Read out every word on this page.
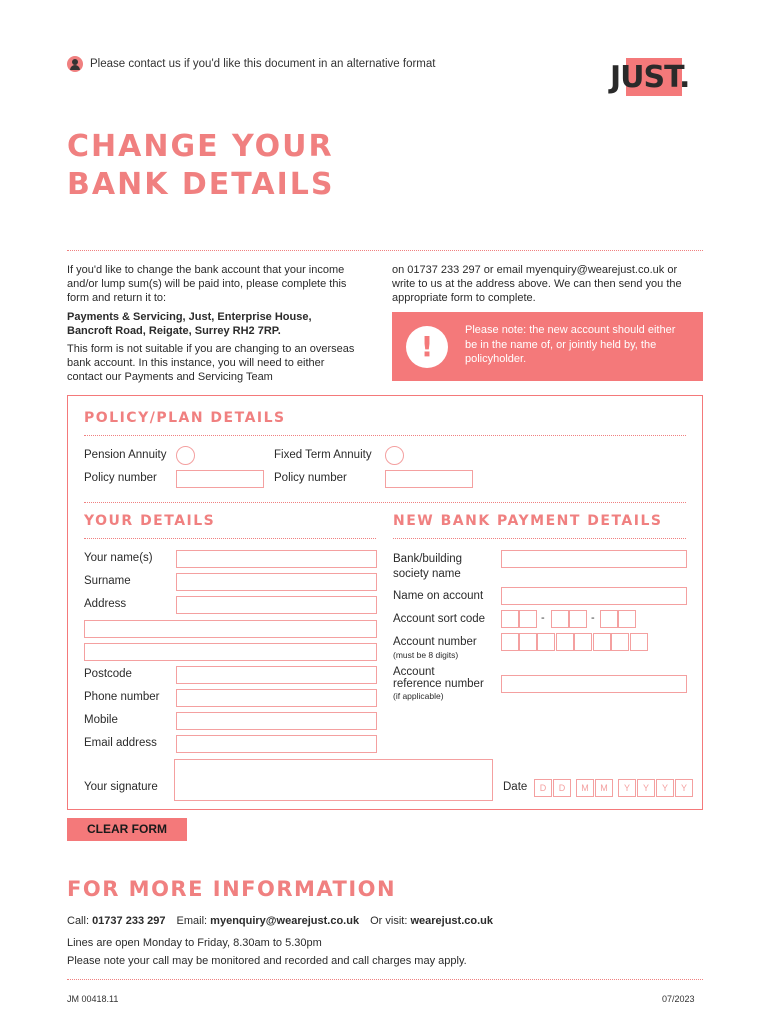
Please contact us if you'd like this document in an alternative format	JUST.
CHANGE YOUR
BANK DETAILS
If you'd like to change the bank account that your income and/or lump sum(s) will be paid into, please complete this form and return it to:
Payments & Servicing, Just, Enterprise House, Bancroft Road, Reigate, Surrey RH2 7RP.
This form is not suitable if you are changing to an overseas bank account. In this instance, you will need to either contact our Payments and Servicing Team
on 01737 233 297 or email myenquiry@wearejust.co.uk or write to us at the address above. We can then send you the appropriate form to complete.
!	Please note: the new account should either be in the name of, or jointly held by, the policyholder.
POLICY/PLAN DETAILS
Pension Annuity	Fixed Term Annuity
Policy number	Policy number
YOUR DETAILS
Your name(s)
Surname
Address
Postcode
Phone number
Mobile
Email address
Your signature
NEW BANK PAYMENT DETAILS
Bank/building
society name
Name on account
Account sort code	-	-
Account number
(must be 8 digits)
Account
reference number
(if applicable)
Date	D	D	M	M	Y	Y	Y	Y
CLEAR FORM
FOR MORE INFORMATION
Call: 01737 233 297 Email: myenquiry@wearejust.co.uk Or visit: wearejust.co.uk
Lines are open Monday to Friday, 8.30am to 5.30pm
Please note your call may be monitored and recorded and call charges may apply.
JM 00418.11	07/2023
